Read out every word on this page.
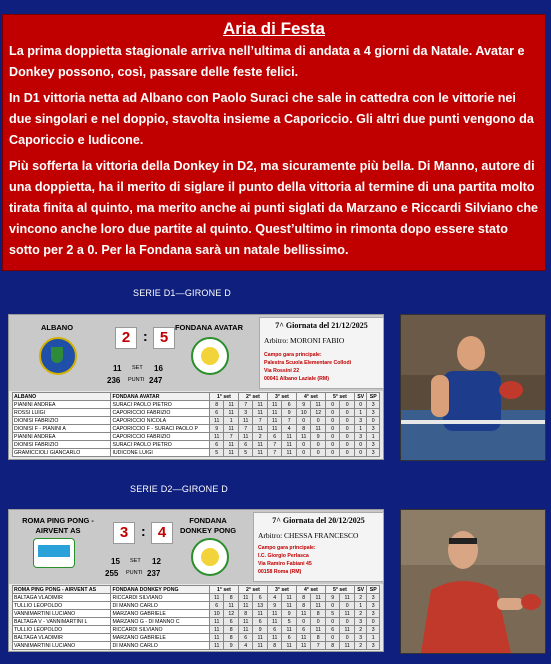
Aria di Festa

La prima doppietta stagionale arriva nell’ultima di andata a 4 giorni da Natale. Avatar e Donkey possono, così, passare delle feste felici.

In D1 vittoria netta ad Albano con Paolo Suraci che sale in cattedra con le vittorie nei due singolari e nel doppio, stavolta insieme a Caporiccio. Gli altri due punti vengono da Caporiccio e Iudicone.

Più sofferta la vittoria della Donkey in D2, ma sicuramente più bella. Di Manno, autore di una doppietta, ha il merito di siglare il punto della vittoria al termine di una partita molto tirata finita al quinto, ma merito anche ai punti siglati da Marzano e Riccardi Silviano che vincono anche loro due partite al quinto. Quest’ultimo in rimonta dopo essere stato sotto per 2 a 0. Per la Fondana sarà un natale bellissimo.

SERIE D1—GIRONE D
ALBANO
2 : 5
FONDANA AVATAR
11 SET 16
236 PUNTI 247
7^ Giornata del 21/12/2025
Arbitro: MORONI FABIO
Campo gara principale:
Palestra Scuola Elementare Collodi
Via Rossini 22
00041 Albano Laziale (RM)
ALBANO	FONDANA AVATAR	1° set		2° set		3° set		4° set		5° set		SV	SP
PIANINI ANDREA	SURACI PAOLO PIETRO	8	11	7	11	11	6	9	11	0	0	0	3
ROSSI LUIGI	CAPORICCIO FABRIZIO	6	11	3	11	11	9	10	12	0	0	1	3
DIONISI FABRIZIO	CAPORICCIO NICOLA	11	1	11	7	11	7	0	0	0	0	3	0
DIONISI F - PIANINI A	CAPORICCIO F - SURACI PAOLO P	9	11	7	11	11	4	8	11	0	0	1	3
PIANINI ANDREA	CAPORICCIO FABRIZIO	11	7	11	2	6	11	11	9	0	0	3	1
DIONISI FABRIZIO	SURACI PAOLO PIETRO	6	11	6	11	7	11	0	0	0	0	0	3
GRAMICCIOLI GIANCARLO	IUDICONE LUIGI	5	11	5	11	7	11	0	0	0	0	0	3
SERIE D2—GIRONE D
ROMA PING PONG - AIRVENT AS	3 : 4
FONDANA DONKEY PONG
15 SET 12
255 PUNTI 237
7^ Giornata del 20/12/2025
Arbitro: CHESSA FRANCESCO
Campo gara principale:
I.C. Giorgio Perlasca
Via Ramiro Fabiani 45
00158 Roma (RM)
ROMA PING PONG - AIRVENT AS	FONDANA DONKEY PONG	1° set		2° set		3° set		4° set		5° set		SV	SP
BALTAGA VLADIMIR	RICCARDI SILVIANO	11	8	11	6	4	11	8	11	9	11	2	3
TULLIO LEOPOLDO	DI MANNO CARLO	6	11	11	13	9	11	8	11	0	0	1	3
VANNIMARTINI LUCIANO	MARZANO GABRIELE	10	12	8	11	11	9	11	8	5	11	2	3
BALTAGA V - VANNIMARTINI L	MARZANO G - DI MANNO C	11	6	11	6	11	5	0	0	0	0	3	0
TULLIO LEOPOLDO	RICCARDI SILVIANO	11	8	11	9	6	11	6	11	6	11	2	3
BALTAGA VLADIMIR	MARZANO GABRIELE	11	8	6	11	11	6	11	8	0	0	3	1
VANNIMARTINI LUCIANO	DI MANNO CARLO	11	9	4	11	8	11	11	7	8	11	2	3
